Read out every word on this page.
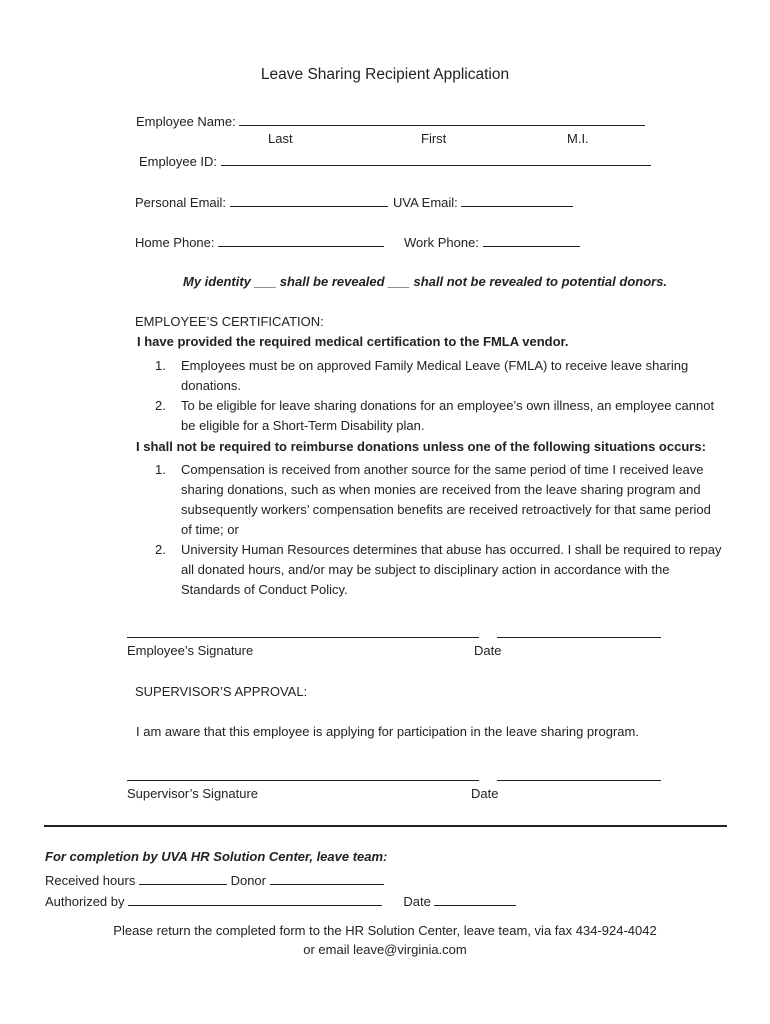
Leave Sharing Recipient Application
Employee Name:
Last	First	M.I.
Employee ID:
Personal Email:	UVA Email:
Home Phone:	Work Phone:
My identity ___ shall be revealed ___ shall not be revealed to potential donors.
EMPLOYEE’S CERTIFICATION:
I have provided the required medical certification to the FMLA vendor.
1. Employees must be on approved Family Medical Leave (FMLA) to receive leave sharing donations.
2. To be eligible for leave sharing donations for an employee’s own illness, an employee cannot be eligible for a Short-Term Disability plan.
I shall not be required to reimburse donations unless one of the following situations occurs:
1. Compensation is received from another source for the same period of time I received leave sharing donations, such as when monies are received from the leave sharing program and subsequently workers’ compensation benefits are received retroactively for that same period of time; or
2. University Human Resources determines that abuse has occurred. I shall be required to repay all donated hours, and/or may be subject to disciplinary action in accordance with the Standards of Conduct Policy.
Employee’s Signature	Date
SUPERVISOR’S APPROVAL:
I am aware that this employee is applying for participation in the leave sharing program.
Supervisor’s Signature	Date
For completion by UVA HR Solution Center, leave team:
Received hours	Donor
Authorized by	Date
Please return the completed form to the HR Solution Center, leave team, via fax 434-924-4042
or email leave@virginia.com
